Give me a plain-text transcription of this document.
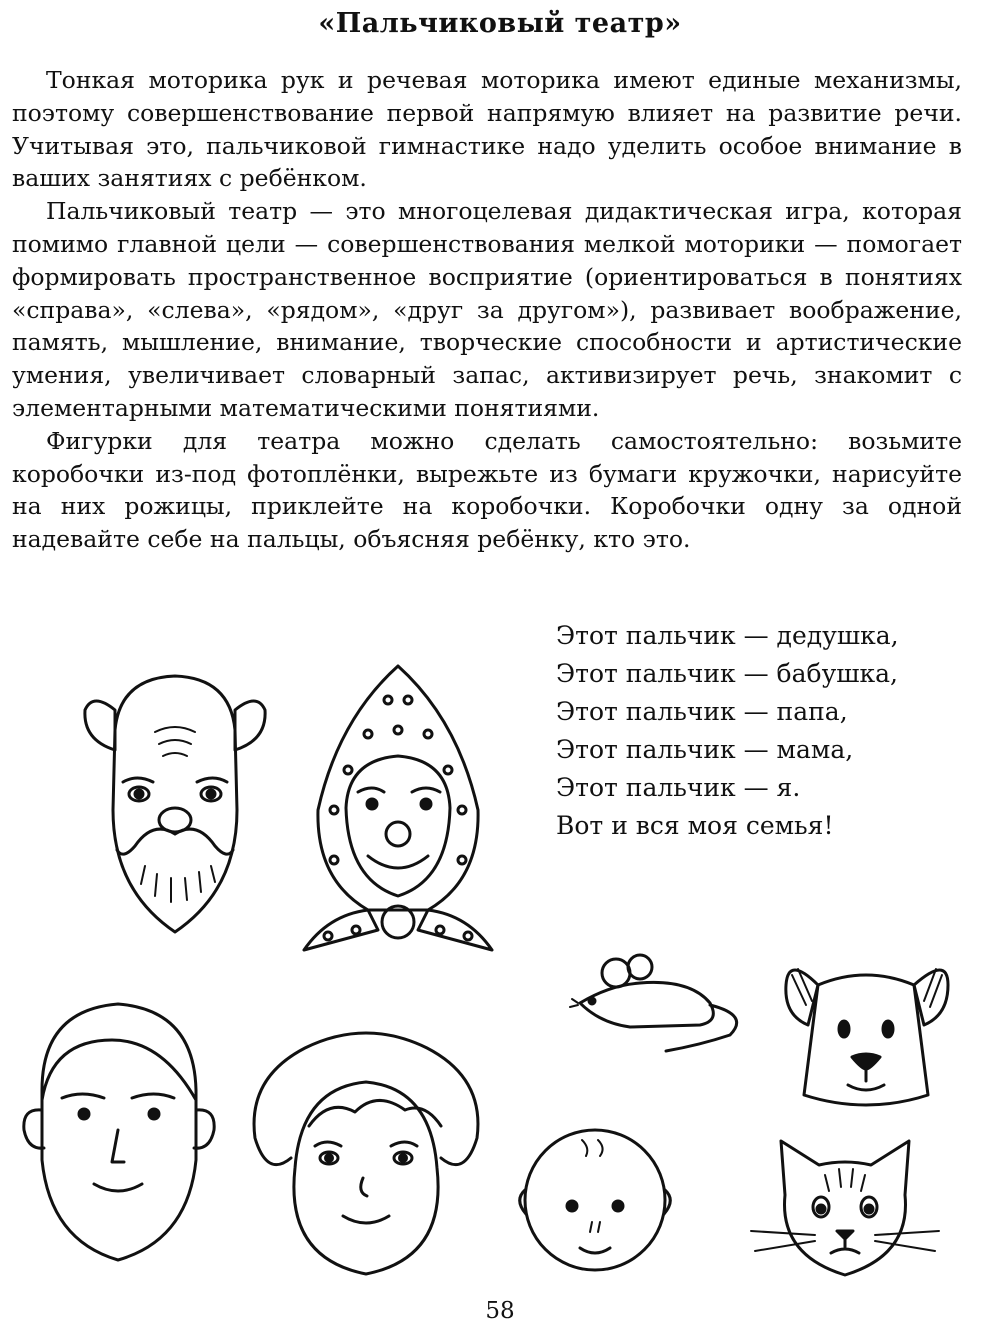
«Пальчиковый театр»

Тонкая моторика рук и речевая моторика имеют единые механизмы, поэтому совершенствование первой напрямую влияет на развитие речи. Учитывая это, пальчиковой гимнастике надо уделить особое внимание в ваших занятиях с ребёнком.

Пальчиковый театр — это многоцелевая дидактическая игра, которая помимо главной цели — совершенствования мелкой моторики — помогает формировать пространственное восприятие (ориентироваться в понятиях «справа», «слева», «рядом», «друг за другом»), развивает воображение, память, мышление, внимание, творческие способности и артистические умения, увеличивает словарный запас, активизирует речь, знакомит с элементарными математическими понятиями.

Фигурки для театра можно сделать самостоятельно: возьмите коробочки из-под фотоплёнки, вырежьте из бумаги кружочки, нарисуйте на них рожицы, приклейте на коробочки. Коробочки одну за одной надевайте себе на пальцы, объясняя ребёнку, кто это.

Этот пальчик — дедушка,
Этот пальчик — бабушка,
Этот пальчик — папа,
Этот пальчик — мама,
Этот пальчик — я.
Вот и вся моя семья!
58
